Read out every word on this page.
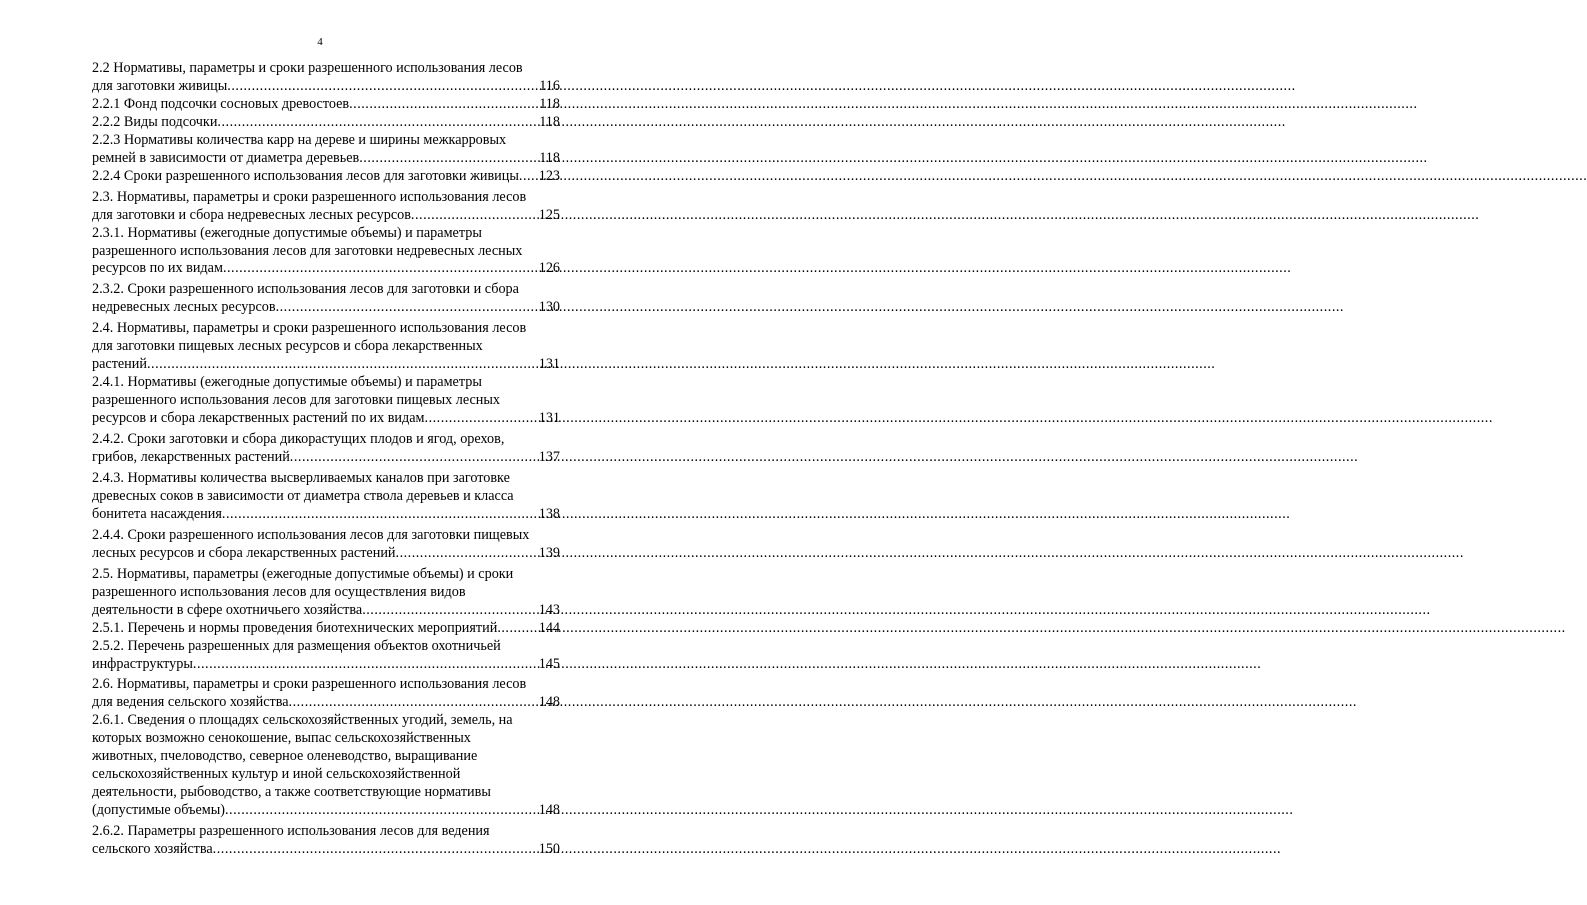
4
2.2 Нормативы, параметры и сроки разрешенного использования лесов
для заготовки живицы .....	116
2.2.1 Фонд подсочки сосновых древостоев .....	118
2.2.2 Виды подсочки .....	118
2.2.3 Нормативы количества карр на дереве и ширины межкарровых
ремней в зависимости от диаметра деревьев .....	118
2.2.4 Сроки разрешенного использования лесов для заготовки живицы ..... 123
2.3. Нормативы, параметры и сроки разрешенного использования лесов
для заготовки и сбора недревесных лесных ресурсов .....	125
2.3.1. Нормативы (ежегодные допустимые объемы) и параметры
разрешенного использования лесов для заготовки недревесных лесных
ресурсов по их видам .....	126
2.3.2. Сроки разрешенного использования лесов для заготовки и сбора
недревесных лесных ресурсов .....	130
2.4. Нормативы, параметры и сроки разрешенного использования лесов
для заготовки пищевых лесных ресурсов и сбора лекарственных
растений .....	131
2.4.1. Нормативы (ежегодные допустимые объемы) и параметры
разрешенного использования лесов для заготовки пищевых лесных
ресурсов и сбора лекарственных растений по их видам .....	131
2.4.2. Сроки заготовки и сбора дикорастущих плодов и ягод, орехов,
грибов, лекарственных растений .....	137
2.4.3. Нормативы количества высверливаемых каналов при заготовке
древесных соков в зависимости от диаметра ствола деревьев и класса
бонитета насаждения .....	138
2.4.4. Сроки разрешенного использования лесов для заготовки пищевых
лесных ресурсов и сбора лекарственных растений .....	139
2.5. Нормативы, параметры (ежегодные допустимые объемы) и сроки
разрешенного использования лесов для осуществления видов
деятельности в сфере охотничьего хозяйства .....	143
2.5.1. Перечень и нормы проведения биотехнических мероприятий .....	144
2.5.2. Перечень разрешенных для размещения объектов охотничьей
инфраструктуры .....	145
2.6. Нормативы, параметры и сроки разрешенного использования лесов
для ведения сельского хозяйства .....	148
2.6.1. Сведения о площадях сельскохозяйственных угодий, земель, на
которых возможно сенокошение, выпас сельскохозяйственных
животных, пчеловодство, северное оленеводство, выращивание
сельскохозяйственных культур и иной сельскохозяйственной
деятельности, рыбоводство, а также соответствующие нормативы
(допустимые объемы) .....	148
2.6.2. Параметры разрешенного использования лесов для ведения
сельского хозяйства .....	150
